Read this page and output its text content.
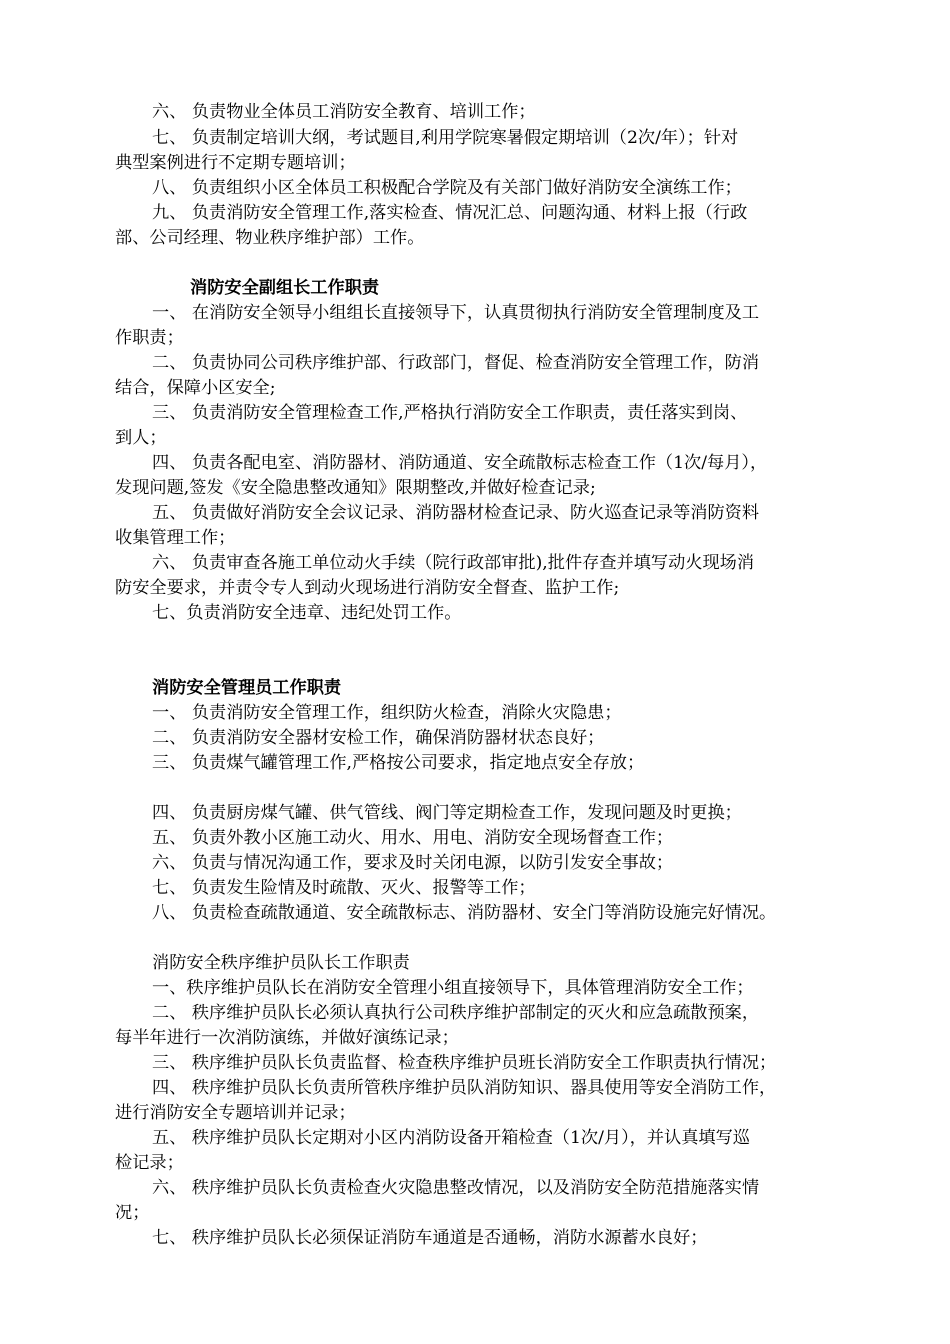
六、 负责物业全体员工消防安全教育、培训工作；
七、 负责制定培训大纲，考试题目,利用学院寒暑假定期培训（2次/年）；针对
典型案例进行不定期专题培训；
八、 负责组织小区全体员工积极配合学院及有关部门做好消防安全演练工作；
九、 负责消防安全管理工作,落实检查、情况汇总、问题沟通、材料上报（行政
部、公司经理、物业秩序维护部）工作。
消防安全副组长工作职责
一、 在消防安全领导小组组长直接领导下，认真贯彻执行消防安全管理制度及工
作职责；
二、 负责协同公司秩序维护部、行政部门，督促、检查消防安全管理工作，防消
结合，保障小区安全;
三、 负责消防安全管理检查工作,严格执行消防安全工作职责，责任落实到岗、
到人；
四、 负责各配电室、消防器材、消防通道、安全疏散标志检查工作（1次/每月），
发现问题,签发《安全隐患整改通知》限期整改,并做好检查记录;
五、 负责做好消防安全会议记录、消防器材检查记录、防火巡查记录等消防资料
收集管理工作；
六、 负责审查各施工单位动火手续（院行政部审批),批件存查并填写动火现场消
防安全要求，并责令专人到动火现场进行消防安全督查、监护工作;
七、负责消防安全违章、违纪处罚工作。
消防安全管理员工作职责
一、 负责消防安全管理工作，组织防火检查，消除火灾隐患；
二、 负责消防安全器材安检工作，确保消防器材状态良好；
三、 负责煤气罐管理工作,严格按公司要求，指定地点安全存放；
四、 负责厨房煤气罐、供气管线、阀门等定期检查工作，发现问题及时更换；
五、 负责外教小区施工动火、用水、用电、消防安全现场督查工作；
六、 负责与情况沟通工作，要求及时关闭电源，以防引发安全事故；
七、 负责发生险情及时疏散、灭火、报警等工作；
八、 负责检查疏散通道、安全疏散标志、消防器材、安全门等消防设施完好情况。
消防安全秩序维护员队长工作职责
一、秩序维护员队长在消防安全管理小组直接领导下，具体管理消防安全工作；
二、 秩序维护员队长必须认真执行公司秩序维护部制定的灭火和应急疏散预案，
每半年进行一次消防演练，并做好演练记录；
三、 秩序维护员队长负责监督、检查秩序维护员班长消防安全工作职责执行情况；
四、 秩序维护员队长负责所管秩序维护员队消防知识、器具使用等安全消防工作，
进行消防安全专题培训并记录；
五、 秩序维护员队长定期对小区内消防设备开箱检查（1次/月），并认真填写巡
检记录；
六、 秩序维护员队长负责检查火灾隐患整改情况，以及消防安全防范措施落实情
况；
七、 秩序维护员队长必须保证消防车通道是否通畅，消防水源蓄水良好；
